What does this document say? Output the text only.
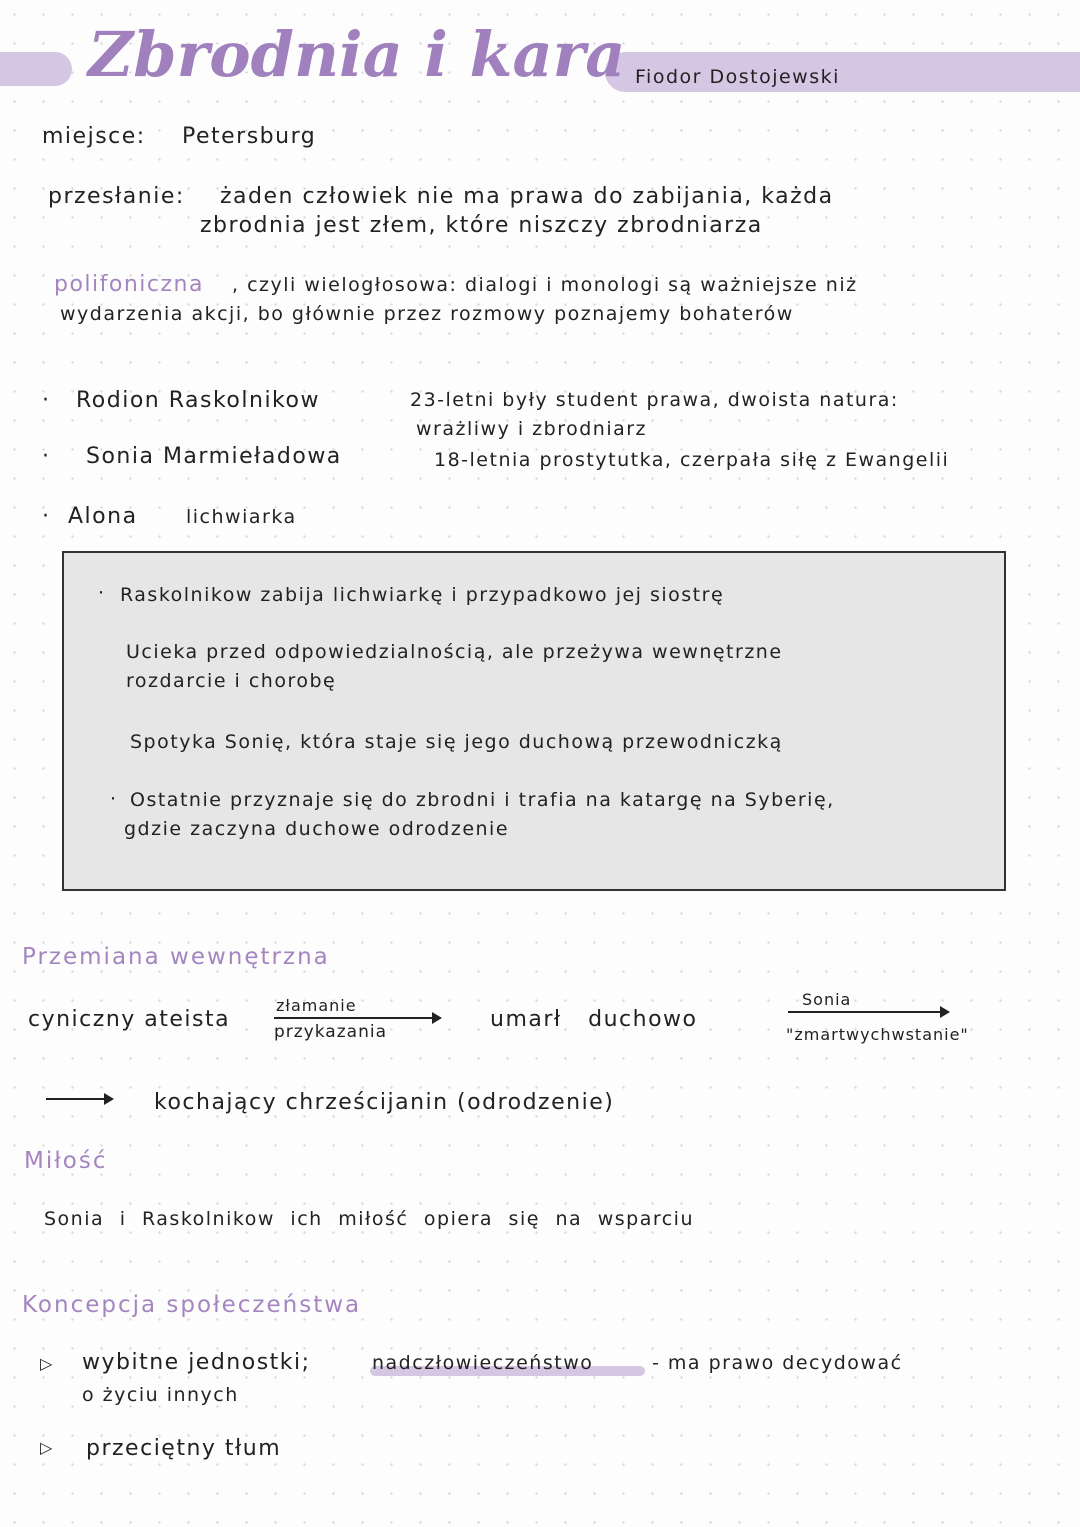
Zbrodnia i kara Fiodor Dostojewski
miejsce: Petersburg
przesłanie: żaden człowiek nie ma prawa do zabijania, każda
zbrodnia jest złem, które niszczy zbrodniarza
polifoniczna , czyli wielogłosowa: dialogi i monologi są ważniejsze niż
wydarzenia akcji, bo głównie przez rozmowy poznajemy bohaterów
· Rodion Raskolnikow	23-letni były student prawa, dwoista natura:
wrażliwy i zbrodniarz
· Sonia Marmieładowa	18-letnia prostytutka, czerpała siłę z Ewangelii
· Alona	lichwiarka
· Raskolnikow zabija lichwiarkę i przypadkowo jej siostrę
Ucieka przed odpowiedzialnością, ale przeżywa wewnętrzne
rozdarcie i chorobę
Spotyka Sonię, która staje się jego duchową przewodniczką
· Ostatnie przyznaje się do zbrodni i trafia na katargę na Syberię,
gdzie zaczyna duchowe odrodzenie
Przemiana wewnętrzna
cyniczny ateista
złamanie
przykazania	umarł duchowo
Sonia
"zmartwychwstanie"
kochający chrześcijanin (odrodzenie)
Miłość
Sonia i Raskolnikow ich miłość opiera się na wsparciu
Koncepcja społeczeństwa
▷ wybitne jednostki;	nadczłowieczeństwo	- ma prawo decydować
o życiu innych
▷ przeciętny tłum
